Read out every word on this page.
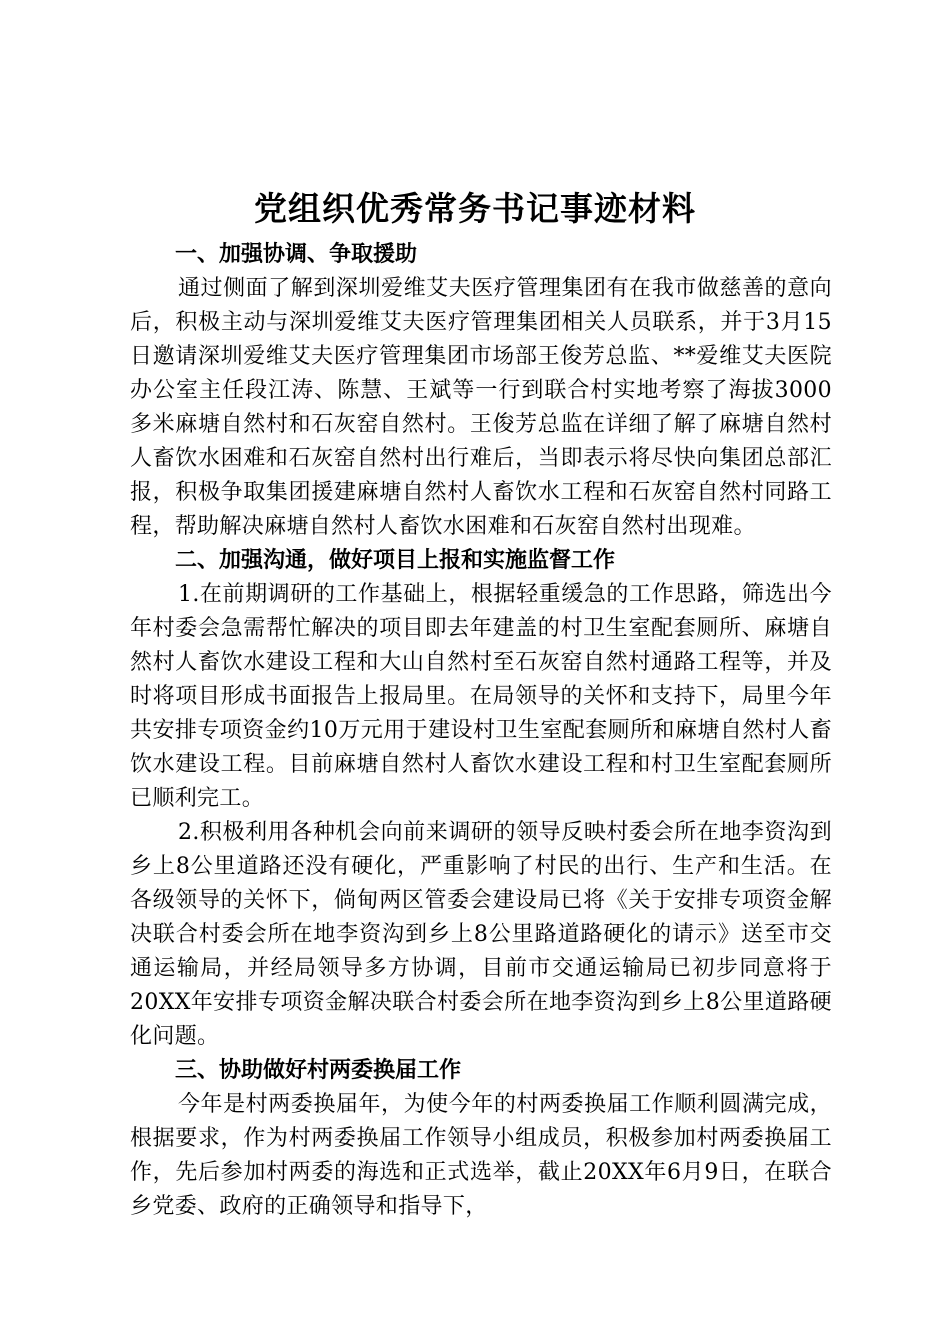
党组织优秀常务书记事迹材料
一、加强协调、争取援助

通过侧面了解到深圳爱维艾夫医疗管理集团有在我市做慈善的意向后，积极主动与深圳爱维艾夫医疗管理集团相关人员联系，并于3月15日邀请深圳爱维艾夫医疗管理集团市场部王俊芳总监、**爱维艾夫医院办公室主任段江涛、陈慧、王斌等一行到联合村实地考察了海拔3000多米麻塘自然村和石灰窑自然村。王俊芳总监在详细了解了麻塘自然村人畜饮水困难和石灰窑自然村出行难后，当即表示将尽快向集团总部汇报，积极争取集团援建麻塘自然村人畜饮水工程和石灰窑自然村同路工程，帮助解决麻塘自然村人畜饮水困难和石灰窑自然村出现难。

二、加强沟通，做好项目上报和实施监督工作

1.在前期调研的工作基础上，根据轻重缓急的工作思路，筛选出今年村委会急需帮忙解决的项目即去年建盖的村卫生室配套厕所、麻塘自然村人畜饮水建设工程和大山自然村至石灰窑自然村通路工程等，并及时将项目形成书面报告上报局里。在局领导的关怀和支持下，局里今年共安排专项资金约10万元用于建设村卫生室配套厕所和麻塘自然村人畜饮水建设工程。目前麻塘自然村人畜饮水建设工程和村卫生室配套厕所已顺利完工。

2.积极利用各种机会向前来调研的领导反映村委会所在地李资沟到乡上8公里道路还没有硬化，严重影响了村民的出行、生产和生活。在各级领导的关怀下，倘甸两区管委会建设局已将《关于安排专项资金解决联合村委会所在地李资沟到乡上8公里路道路硬化的请示》送至市交通运输局，并经局领导多方协调，目前市交通运输局已初步同意将于20XX年安排专项资金解决联合村委会所在地李资沟到乡上8公里道路硬化问题。

三、协助做好村两委换届工作

今年是村两委换届年，为使今年的村两委换届工作顺利圆满完成，根据要求，作为村两委换届工作领导小组成员，积极参加村两委换届工作，先后参加村两委的海选和正式选举，截止20XX年6月9日，在联合乡党委、政府的正确领导和指导下，
